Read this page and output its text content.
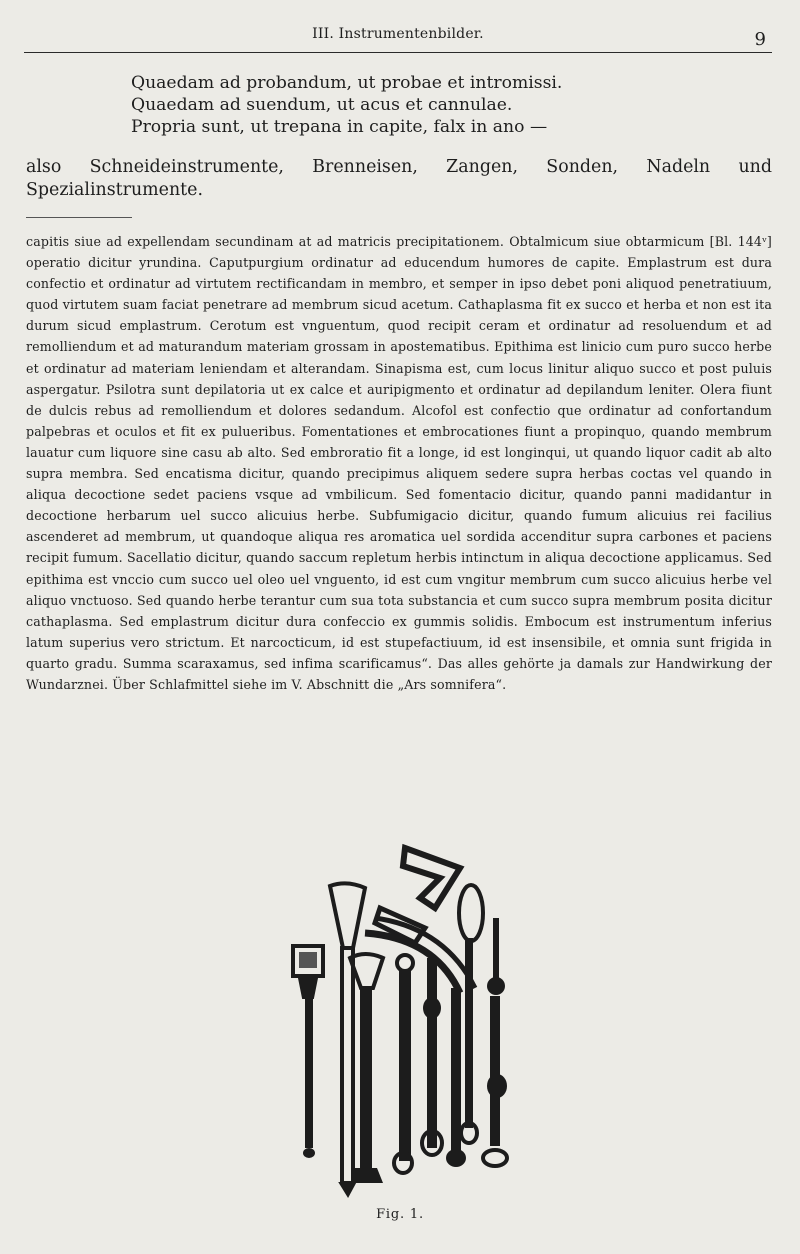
III. Instrumentenbilder.	9
Quaedam ad probandum, ut probae et intromissi.
Quaedam ad suendum, ut acus et cannulae.
Propria sunt, ut trepana in capite, falx in ano —
also Schneideinstrumente, Brenneisen, Zangen, Sonden, Nadeln und Spezialinstrumente.
capitis siue ad expellendam secundinam at ad matricis precipitationem. Obtalmicum siue obtarmicum [Bl. 144ᵛ] operatio dicitur yrundina. Caputpurgium ordinatur ad educendum humores de capite. Emplastrum est dura confectio et ordinatur ad virtutem rectificandam in membro, et semper in ipso debet poni aliquod penetratiuum, quod virtutem suam faciat penetrare ad membrum sicud acetum. Cathaplasma fit ex succo et herba et non est ita durum sicud emplastrum. Cerotum est vnguentum, quod recipit ceram et ordinatur ad resoluendum et ad remolliendum et ad maturandum materiam grossam in apostematibus. Epithima est linicio cum puro succo herbe et ordinatur ad materiam leniendam et alterandam. Sinapisma est, cum locus linitur aliquo succo et post puluis aspergatur. Psilotra sunt depilatoria ut ex calce et auripigmento et ordinatur ad depilandum leniter. Olera fiunt de dulcis rebus ad remolliendum et dolores sedandum. Alcofol est confectio que ordinatur ad confortandum palpebras et oculos et fit ex pulueribus. Fomentationes et embrocationes fiunt a propinquo, quando membrum lauatur cum liquore sine casu ab alto. Sed embroratio fit a longe, id est longinqui, ut quando liquor cadit ab alto supra membra. Sed encatisma dicitur, quando precipimus aliquem sedere supra herbas coctas vel quando in aliqua decoctione sedet paciens vsque ad vmbilicum. Sed fomentacio dicitur, quando panni madidantur in decoctione herbarum uel succo alicuius herbe. Subfumigacio dicitur, quando fumum alicuius rei facilius ascenderet ad membrum, ut quandoque aliqua res aromatica uel sordida accenditur supra carbones et paciens recipit fumum. Sacellatio dicitur, quando saccum repletum herbis intinctum in aliqua decoctione applicamus. Sed epithima est vnccio cum succo uel oleo uel vnguento, id est cum vngitur membrum cum succo alicuius herbe vel aliquo vnctuoso. Sed quando herbe terantur cum sua tota substancia et cum succo supra membrum posita dicitur cathaplasma. Sed emplastrum dicitur dura confeccio ex gummis solidis. Embocum est instrumentum inferius latum superius vero strictum. Et narcocticum, id est stupefactiuum, id est insensibile, et omnia sunt frigida in quarto gradu. Summa scaraxamus, sed infima scarificamus“. Das alles gehörte ja damals zur Handwirkung der Wundarznei. Über Schlafmittel siehe im V. Abschnitt die „Ars somnifera“.
Fig. 1.
